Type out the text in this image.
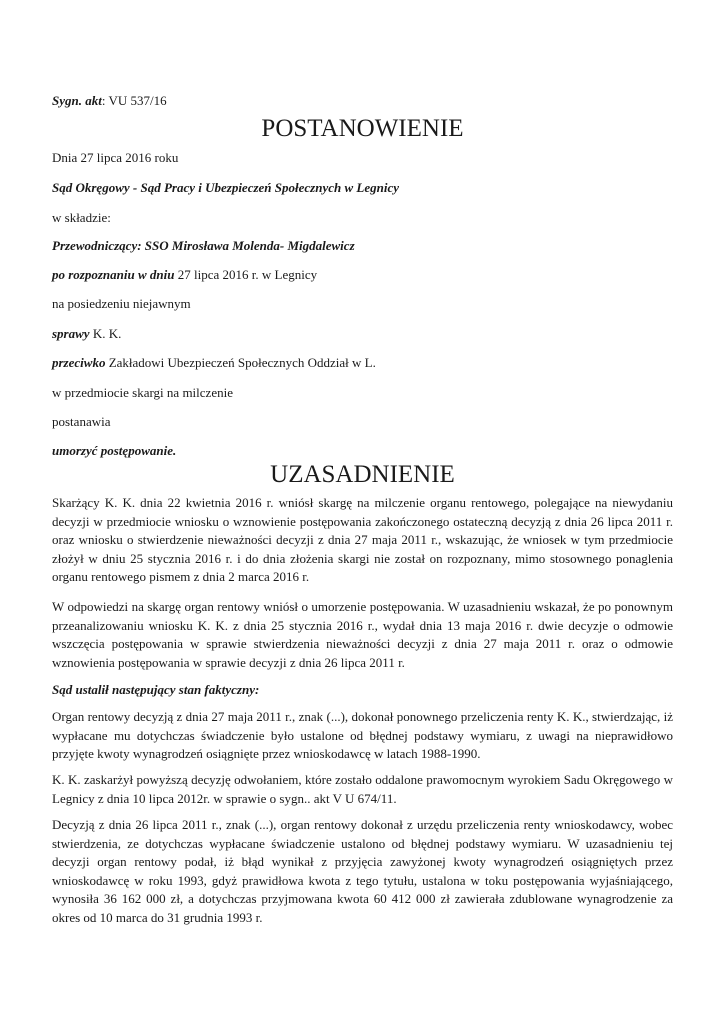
Sygn. akt: VU 537/16
POSTANOWIENIE
Dnia 27 lipca 2016 roku
Sąd Okręgowy - Sąd Pracy i Ubezpieczeń Społecznych w Legnicy
w składzie:
Przewodniczący: SSO Mirosława Molenda- Migdalewicz
po rozpoznaniu w dniu 27 lipca 2016 r. w Legnicy
na posiedzeniu niejawnym
sprawy K. K.
przeciwko Zakładowi Ubezpieczeń Społecznych Oddział w L.
w przedmiocie skargi na milczenie
postanawia
umorzyć postępowanie.
UZASADNIENIE
Skarżący K. K. dnia 22 kwietnia 2016 r. wniósł skargę na milczenie organu rentowego, polegające na niewydaniu decyzji w przedmiocie wniosku o wznowienie postępowania zakończonego ostateczną decyzją z dnia 26 lipca 2011 r. oraz wniosku o stwierdzenie nieważności decyzji z dnia 27 maja 2011 r., wskazując, że wniosek w tym przedmiocie złożył w dniu 25 stycznia 2016 r. i do dnia złożenia skargi nie został on rozpoznany, mimo stosownego ponaglenia organu rentowego pismem z dnia 2 marca 2016 r.
W odpowiedzi na skargę organ rentowy wniósł o umorzenie postępowania. W uzasadnieniu wskazał, że po ponownym przeanalizowaniu wniosku K. K. z dnia 25 stycznia 2016 r., wydał dnia 13 maja 2016 r. dwie decyzje o odmowie wszczęcia postępowania w sprawie stwierdzenia nieważności decyzji z dnia 27 maja 2011 r. oraz o odmowie wznowienia postępowania w sprawie decyzji z dnia 26 lipca 2011 r.
Sąd ustalił następujący stan faktyczny:
Organ rentowy decyzją z dnia 27 maja 2011 r., znak (...), dokonał ponownego przeliczenia renty K. K., stwierdzając, iż wypłacane mu dotychczas świadczenie było ustalone od błędnej podstawy wymiaru, z uwagi na nieprawidłowo przyjęte kwoty wynagrodzeń osiągnięte przez wnioskodawcę w latach 1988-1990.
K. K. zaskarżył powyższą decyzję odwołaniem, które zostało oddalone prawomocnym wyrokiem Sadu Okręgowego w Legnicy z dnia 10 lipca 2012r. w sprawie o sygn.. akt V U 674/11.
Decyzją z dnia 26 lipca 2011 r., znak (...), organ rentowy dokonał z urzędu przeliczenia renty wnioskodawcy, wobec stwierdzenia, ze dotychczas wypłacane świadczenie ustalono od błędnej podstawy wymiaru. W uzasadnieniu tej decyzji organ rentowy podał, iż błąd wynikał z przyjęcia zawyżonej kwoty wynagrodzeń osiągniętych przez wnioskodawcę w roku 1993, gdyż prawidłowa kwota z tego tytułu, ustalona w toku postępowania wyjaśniającego, wynosiła 36 162 000 zł, a dotychczas przyjmowana kwota 60 412 000 zł zawierała zdublowane wynagrodzenie za okres od 10 marca do 31 grudnia 1993 r.
